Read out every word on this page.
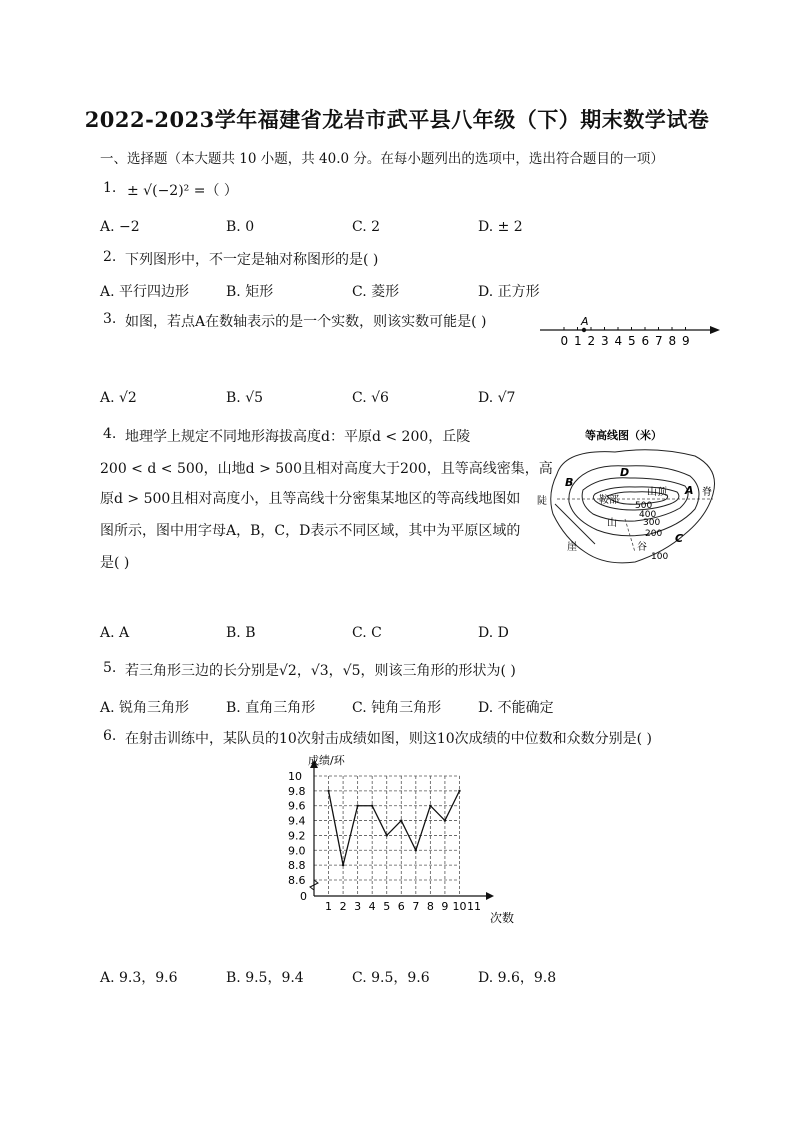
2022-2023学年福建省龙岩市武平县八年级（下）期末数学试卷
一、选择题（本大题共 10 小题，共 40.0 分。在每小题列出的选项中，选出符合题目的一项）
1. ± √(−2)² =（ ）
A. −2	B. 0	C. 2	D. ± 2
2. 下列图形中，不一定是轴对称图形的是( )
A. 平行四边形	B. 矩形	C. 菱形	D. 正方形
3. 如图，若点A在数轴表示的是一个实数，则该实数可能是( )	A
0 1 2 3 4 5 6 7 8 9
A. √2	B. √5	C. √6	D. √7
4. 地理学上规定不同地形海拔高度d：平原d < 200，丘陵
200 < d < 500，山地d > 500且相对高度大于200，且等高线密集，高
原d > 500且相对高度小，且等高线十分密集某地区的等高线地图如
图所示，图中用字母A，B，C，D表示不同区域，其中为平原区域的
是( )
等高线图（米）
D
B
A
C
山顶	脊
鞍部
山
谷
陡
崖
500
400
300
200
100
A. A	B. B	C. C	D. D
5. 若三角形三边的长分别是√2，√3，√5，则该三角形的形状为( )
A. 锐角三角形	B. 直角三角形	C. 钝角三角形	D. 不能确定
6. 在射击训练中，某队员的10次射击成绩如图，则这10次成绩的中位数和众数分别是( )
1 2 3 4 5 6 7 8 9 10 11
8.6
8.8
9.0
9.2
9.4
9.6
9.8
10
0
成绩/环
次数
A. 9.3，9.6	B. 9.5，9.4	C. 9.5，9.6	D. 9.6，9.8
